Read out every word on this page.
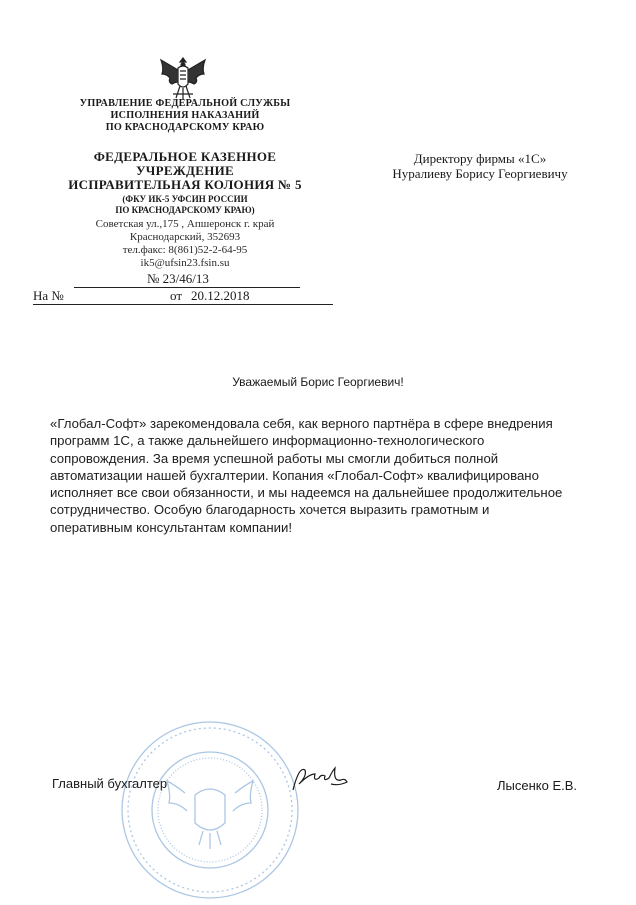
УПРАВЛЕНИЕ ФЕДЕРАЛЬНОЙ СЛУЖБЫ
ИСПОЛНЕНИЯ НАКАЗАНИЙ
ПО КРАСНОДАРСКОМУ КРАЮ
ФЕДЕРАЛЬНОЕ КАЗЕННОЕ
УЧРЕЖДЕНИЕ
ИСПРАВИТЕЛЬНАЯ КОЛОНИЯ № 5
(ФКУ ИК-5 УФСИН РОССИИ
ПО КРАСНОДАРСКОМУ КРАЮ)
Советская ул.,175 , Апшеронск г. край
Краснодарский, 352693
тел.факс: 8(861)52-2-64-95
ik5@ufsin23.fsin.su
№ 23/46/13
На №	от 20.12.2018
Директору фирмы «1С»
Нуралиеву Борису Георгиевичу
Уважаемый Борис Георгиевич!
«Глобал-Софт» зарекомендовала себя, как верного партнёра в сфере внедрения
программ 1С, а также дальнейшего информационно-технологического
сопровождения. За время успешной работы мы смогли добиться полной
автоматизации нашей бухгалтерии. Копания «Глобал-Софт» квалифицировано
исполняет все свои обязанности, и мы надеемся на дальнейшее продолжительное
сотрудничество. Особую благодарность хочется выразить грамотным и
оперативным консультантам компании!
Главный бухгалтер	Лысенко Е.В.
